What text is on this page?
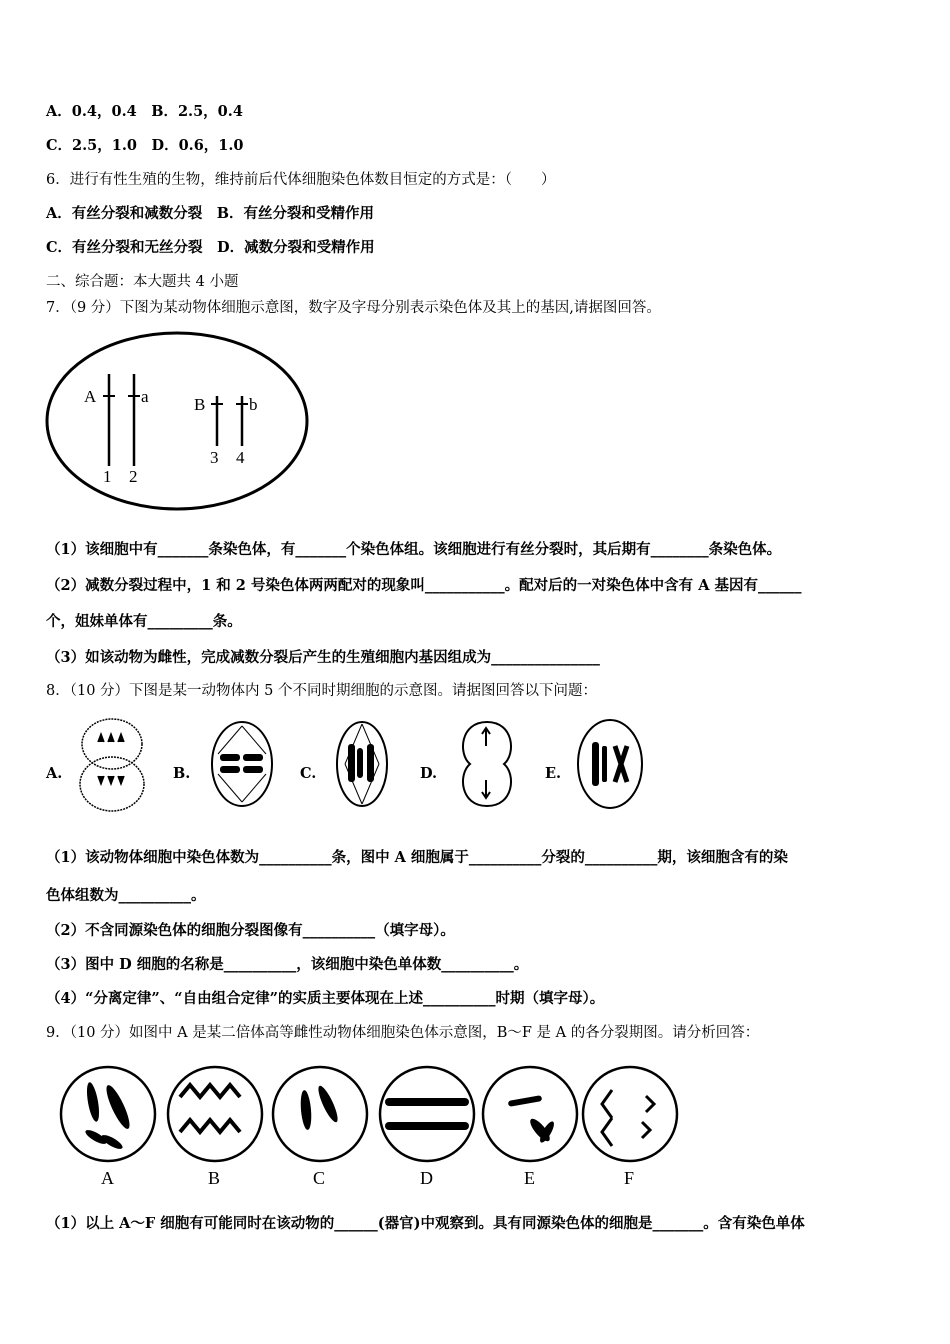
A．0.4，0.4　B．2.5，0.4
C．2.5，1.0　D．0.6，1.0
6．进行有性生殖的生物，维持前后代体细胞染色体数目恒定的方式是：（　　）
A．有丝分裂和减数分裂　B．有丝分裂和受精作用
C．有丝分裂和无丝分裂　D．减数分裂和受精作用
二、综合题：本大题共 4 小题
7．（9 分）下图为某动物体细胞示意图，数字及字母分别表示染色体及其上的基因,请据图回答。
A	a	B	b
1 2
3 4
（1）该细胞中有_______条染色体，有_______个染色体组。该细胞进行有丝分裂时，其后期有________条染色体。
（2）减数分裂过程中，1 和 2 号染色体两两配对的现象叫___________。配对后的一对染色体中含有 A 基因有______
个，姐妹单体有_________条。
（3）如该动物为雌性，完成减数分裂后产生的生殖细胞内基因组成为_______________
8．（10 分）下图是某一动物体内 5 个不同时期细胞的示意图。请据图回答以下问题：
A.	B.	C.	D.	E.
（1）该动物体细胞中染色体数为__________条，图中 A 细胞属于__________分裂的__________期，该细胞含有的染
色体组数为__________。
（2）不含同源染色体的细胞分裂图像有__________（填字母）。
（3）图中 D 细胞的名称是__________，该细胞中染色单体数__________。
（4）“分离定律”、“自由组合定律”的实质主要体现在上述__________时期（填字母）。
9．（10 分）如图中 A 是某二倍体高等雌性动物体细胞染色体示意图，B～F 是 A 的各分裂期图。请分析回答：
A	B	C	D	E	F
（1）以上 A～F 细胞有可能同时在该动物的______(器官)中观察到。具有同源染色体的细胞是_______。含有染色单体
